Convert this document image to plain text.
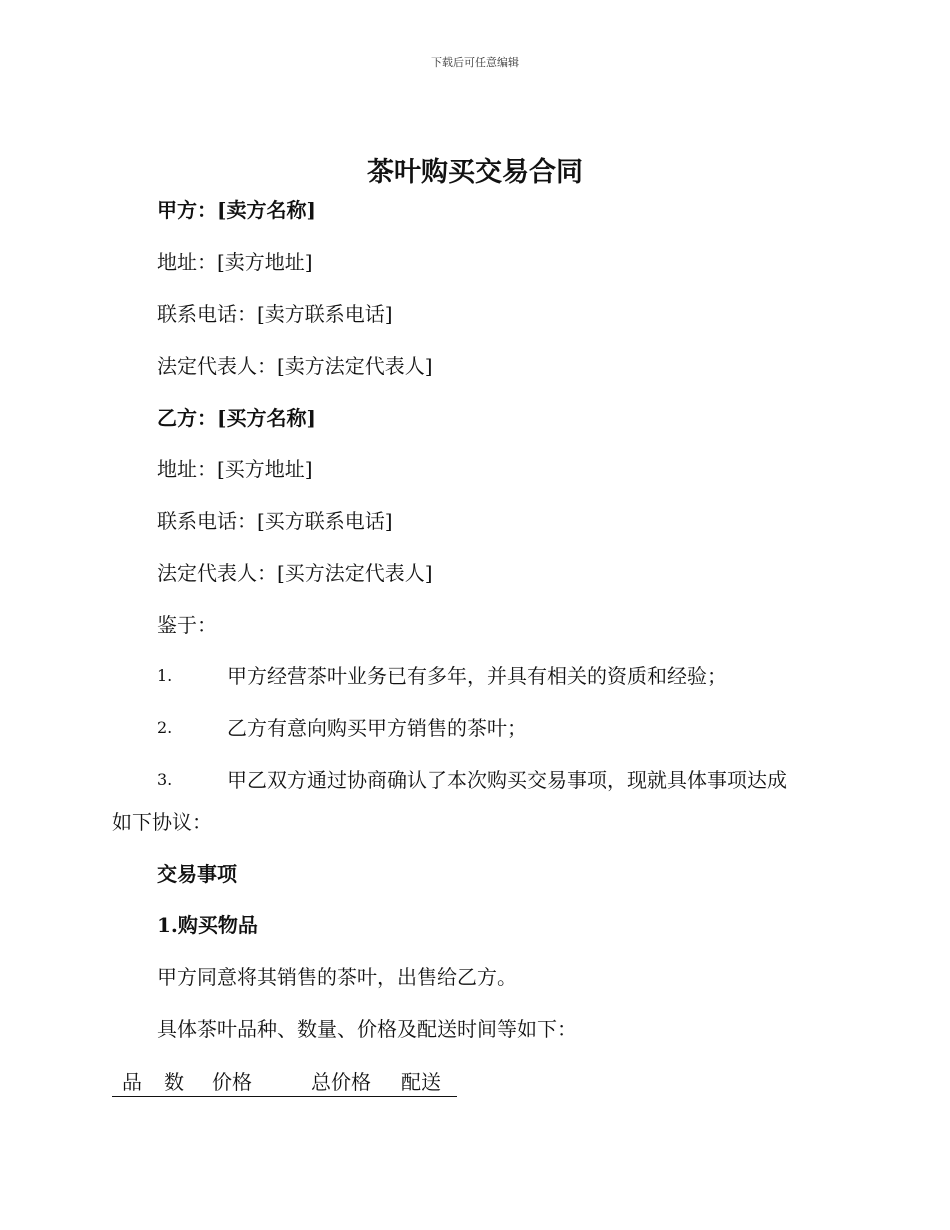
下载后可任意编辑
茶叶购买交易合同
甲方：[卖方名称]
地址：[卖方地址]
联系电话：[卖方联系电话]
法定代表人：[卖方法定代表人]
乙方：[买方名称]
地址：[买方地址]
联系电话：[买方联系电话]
法定代表人：[买方法定代表人]
鉴于：
1.	甲方经营茶叶业务已有多年，并具有相关的资质和经验；
2.	乙方有意向购买甲方销售的茶叶；
3.	甲乙双方通过协商确认了本次购买交易事项，现就具体事项达成
如下协议：
交易事项
1.购买物品
甲方同意将其销售的茶叶，出售给乙方。
具体茶叶品种、数量、价格及配送时间等如下：
品 数 价格	总价格 配送
